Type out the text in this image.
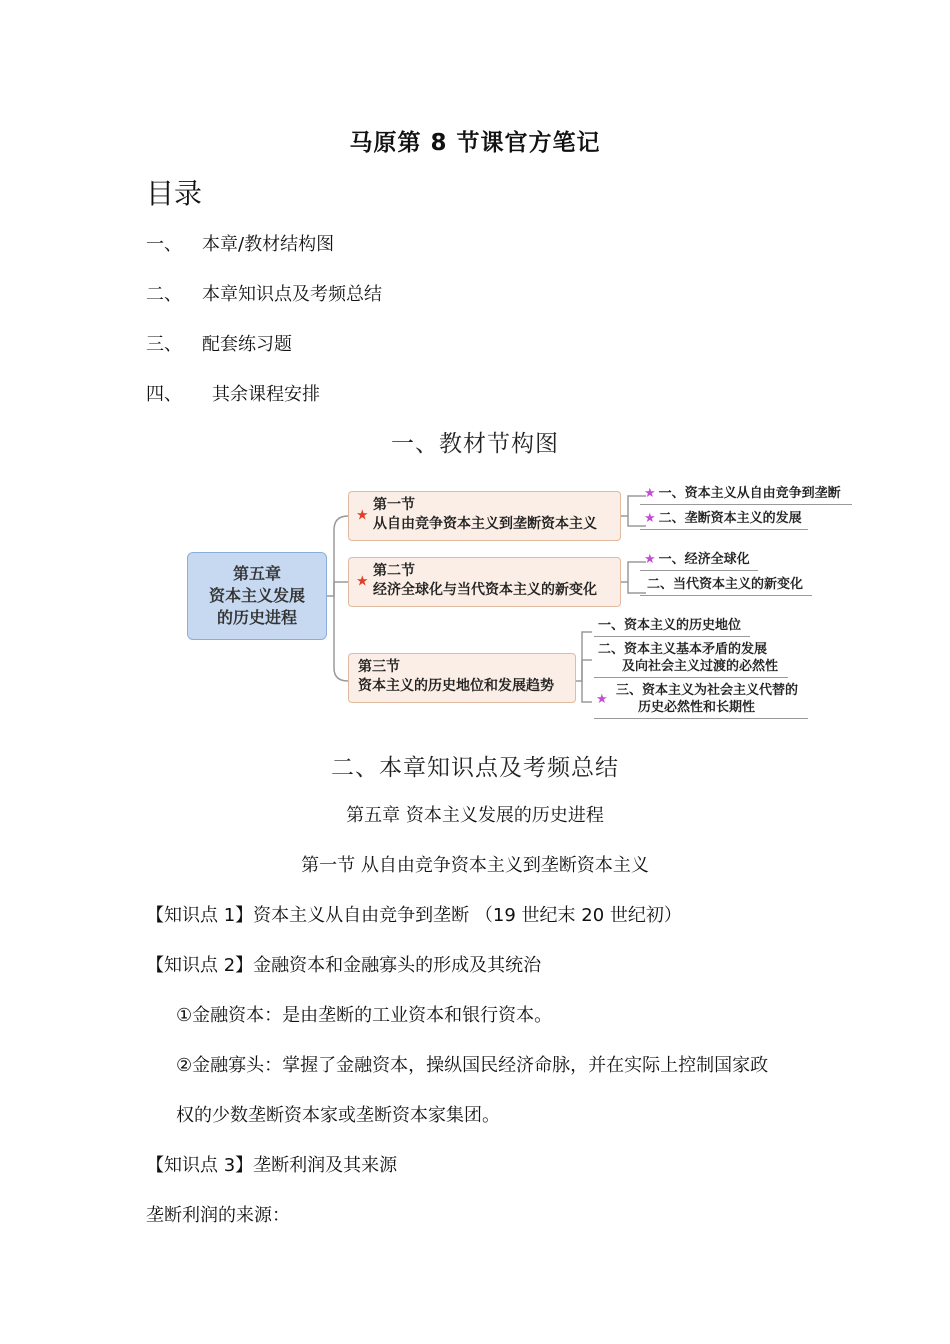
马原第 8 节课官方笔记
目录
一、 本章/教材结构图
二、 本章知识点及考频总结
三、 配套练习题
四、 其余课程安排
一、教材节构图
第五章
资本主义发展
的历史进程
★
第一节
从自由竞争资本主义到垄断资本主义
★
第二节
经济全球化与当代资本主义的新变化
第三节
资本主义的历史地位和发展趋势
★ 一、资本主义从自由竞争到垄断
★ 二、垄断资本主义的发展
★ 一、经济全球化
二、当代资本主义的新变化
一、资本主义的历史地位
二、资本主义基本矛盾的发展
及向社会主义过渡的必然性
★
三、资本主义为社会主义代替的
历史必然性和长期性
二、本章知识点及考频总结
第五章 资本主义发展的历史进程
第一节 从自由竞争资本主义到垄断资本主义
【知识点 1】资本主义从自由竞争到垄断 （19 世纪末 20 世纪初）
【知识点 2】金融资本和金融寡头的形成及其统治
①金融资本：是由垄断的工业资本和银行资本。
②金融寡头：掌握了金融资本，操纵国民经济命脉，并在实际上控制国家政
权的少数垄断资本家或垄断资本家集团。
【知识点 3】垄断利润及其来源
垄断利润的来源：
